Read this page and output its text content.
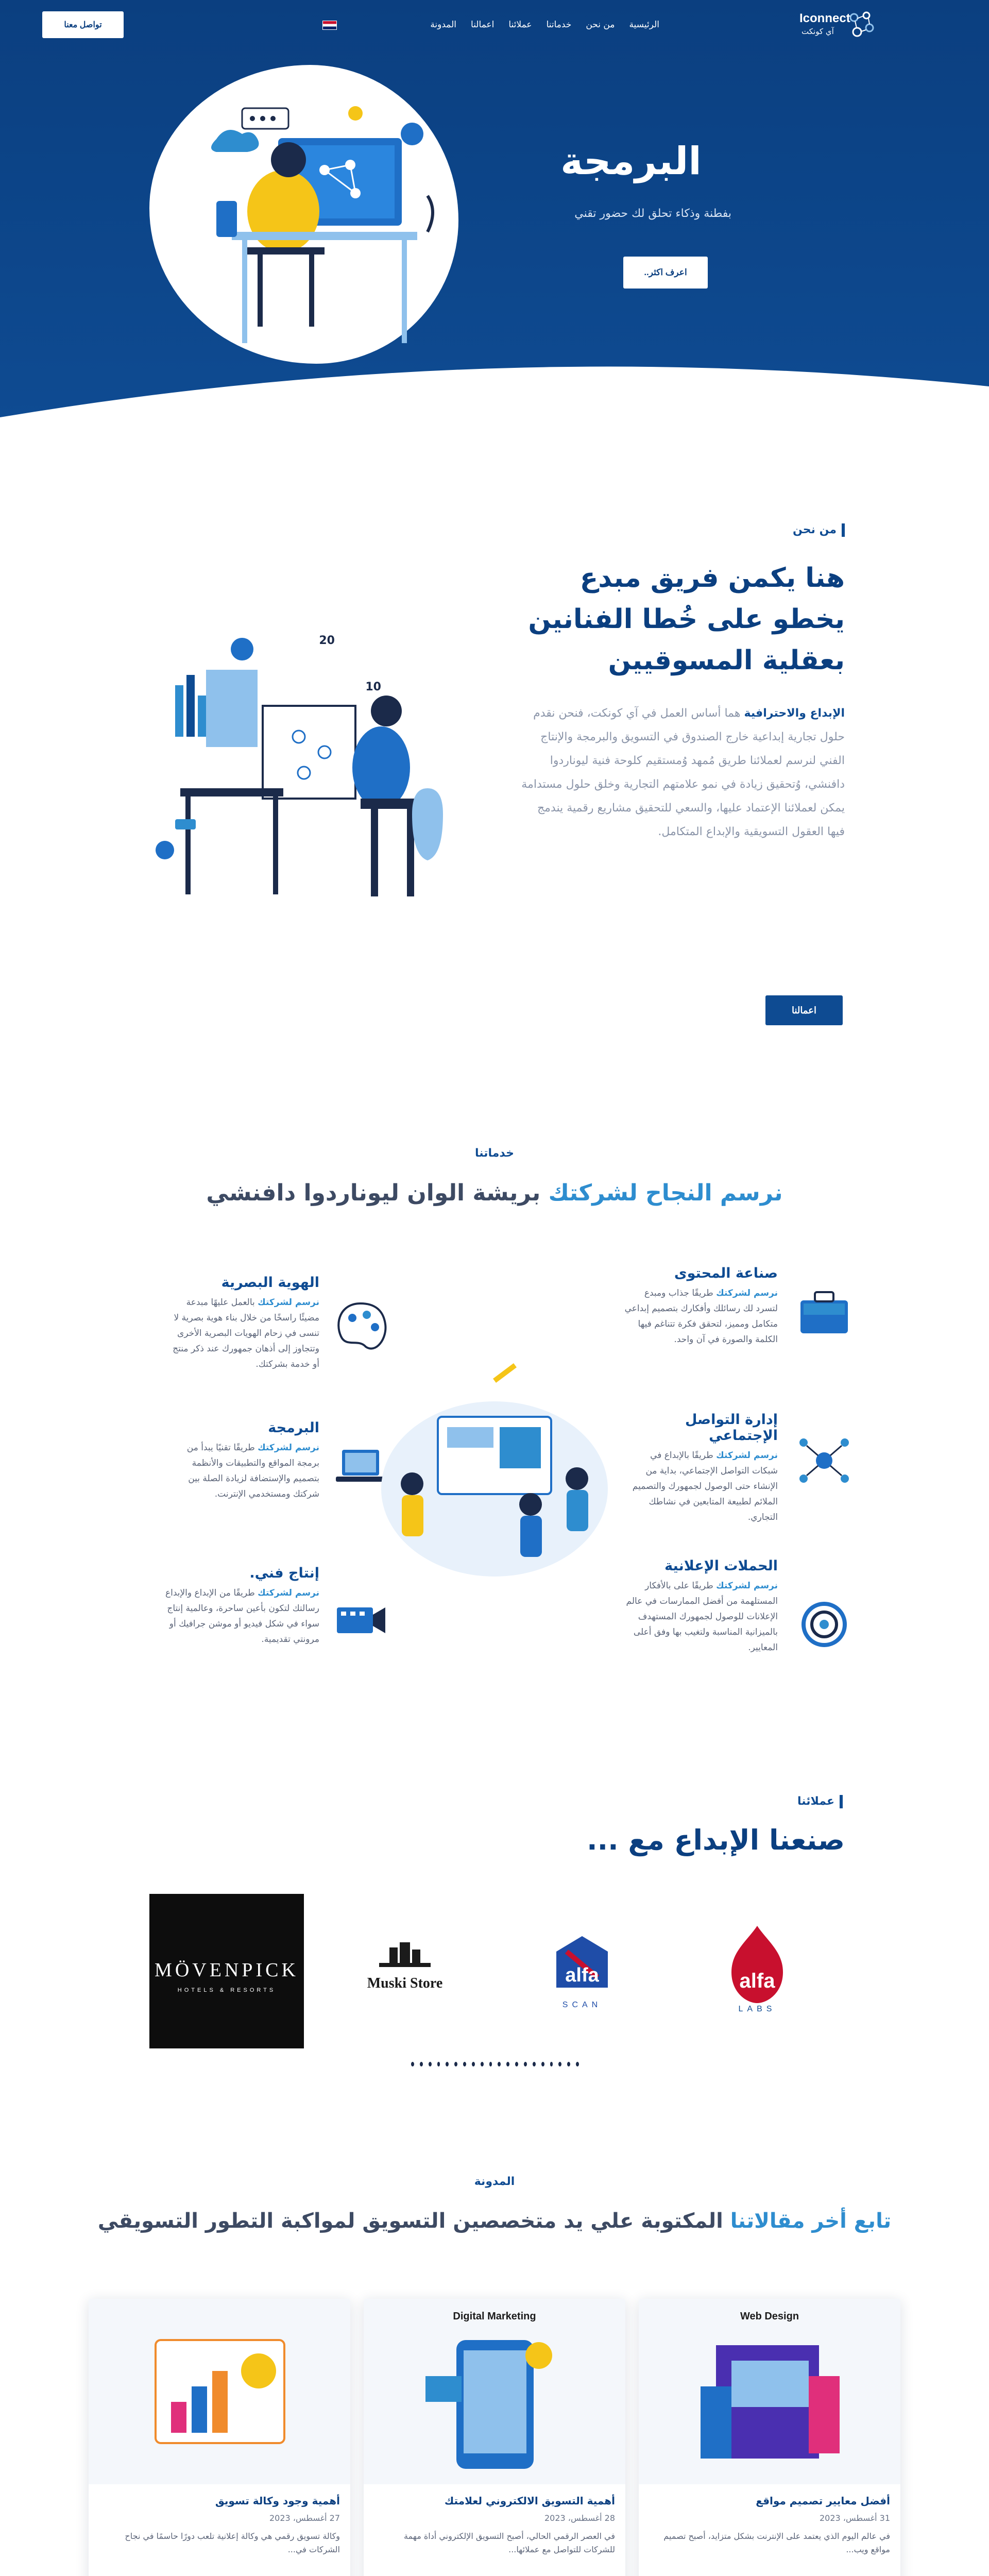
Iconnect
آي كونكت
الرئيسية
من نحن
خدماتنا
عملائنا
اعمالنا
المدونة
تواصل معنا
البرمجة
بفطنة وذكاء تحلق لك حضور تقني
اعرف اكثر..
من نحن
هنا يكمن فريق مبدع
يخطو على خُطا الفنانين
بعقلية المسوقيين
الإبداع والاحترافية هما أساس العمل في آي كونكت، فنحن نقدم حلول تجارية إبداعية خارج الصندوق في التسويق والبرمجة والإنتاج الفني لنرسم لعملائنا طريق مُمهد وُمستقيم كلوحة فنية ليوناردوا دافنشي، وُتحقيق زيادة في نمو علامتهم التجارية وخلق حلول مستدامة يمكن لعملائنا الإعتماد عليها، والسعي للتحقيق مشاريع رقمية يندمج فيها العقول التسويقية والإبداع المتكامل.
اعمالنا
20
10
خدماتنا
نرسم النجاح لشركتك بريشة الوان ليوناردوا دافنشي
صناعة المحتوى

نرسم لشركتك طريقًا جذاب ومبدع لتسرد لك رسائلك وأفكارك بتصميم إبداعي متكامل ومميز، لتحقق فكرة تتناغم فيها الكلمة والصورة في آن واحد.

إدارة التواصل الإجتماعي

نرسم لشركتك طريقًا بالإبداع في شبكات التواصل الإجتماعي، بداية من الإنشاء حتى الوصول لجمهورك والتصميم الملائم لطبيعة المتابعين في نشاطك التجاري.

الحملات الإعلانية

نرسم لشركتك طريقًا على بالأفكار المستلهمة من أفضل الممارسات في عالم الإعلانات للوصول لجمهورك المستهدف بالميزانية المناسبة ولتغيب بها وفق أعلى المعايير.

الهوية البصرية

نرسم لشركتك بالعمل عليهًا مبدعة مضيئًا راسخًا من خلال بناء هوية بصرية لا تنسى في زحام الهويات البصرية الأخرى وتتجاوز إلى أذهان جمهورك عند ذكر منتج أو خدمة بشركتك.

البرمجة

نرسم لشركتك طريقًا تقنيًا يبدأ من برمجة المواقع والتطبيقات والأنظمة بتصميم والإستضافة لزيادة الصلة بين شركتك ومستخدمي الإنترنت.

إنتاج فني.

نرسم لشركتك طريقًا من الإبداع والإبداع رسالتك لتكون بأعين ساحرة، وعالمية إنتاج سواء في شكل فيديو أو موشن جرافيك أو مرونتي تقديمية.

عملائنا
صنعنا الإبداع مع ...
alfa
LABS
alfa
SCAN
Muski Store
MÖVENPICK
HOTELS & RESORTS
المدونة
تابع أخر مقالاتنا المكتوبة علي يد متخصصين التسويق لمواكبة التطور التسويقي
Web Design
أفضل معايير تصميم مواقع
31 أغسطس، 2023
في عالم اليوم الذي يعتمد على الإنترنت بشكل متزايد، أصبح تصميم مواقع ويب...
Digital Marketing
أهمية التسويق الالكتروني لعلامتك
28 أغسطس، 2023
في العصر الرقمي الحالي، أصبح التسويق الإلكتروني أداة مهمة للشركات للتواصل مع عملائها...
أهمية وجود وكالة تسويق
27 أغسطس، 2023
وكالة تسويق رقمي هي وكالة إعلانية تلعب دورًا حاسمًا في نجاح الشركات في...
